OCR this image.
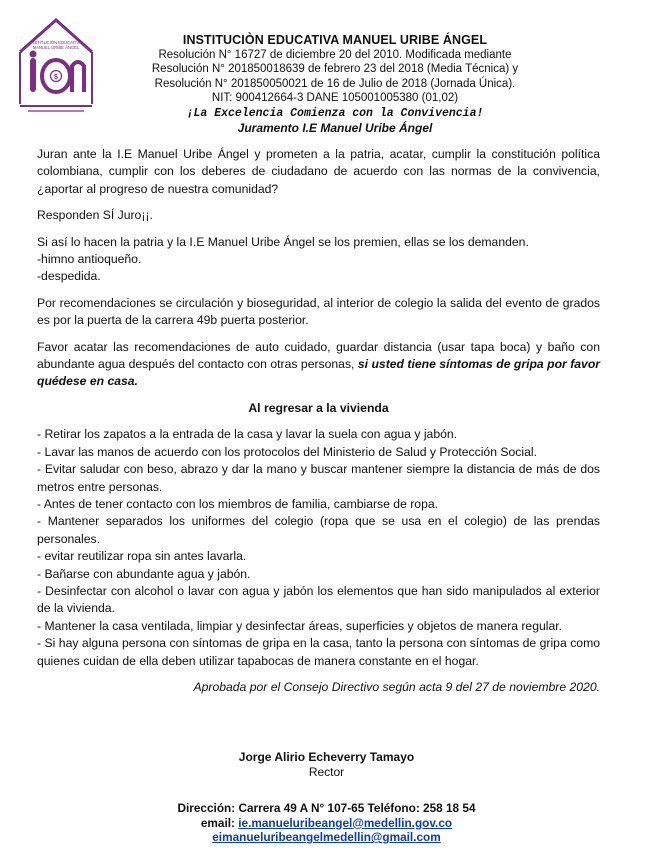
INSTITUCIÓN EDUCATIVA
MANUEL URIBE ÁNGEL
$
INSTITUCIÒN EDUCATIVA MANUEL URIBE ÁNGEL
Resolución N° 16727 de diciembre 20 del 2010. Modificada mediante
Resolución N° 201850018639 de febrero 23 del 2018 (Media Técnica) y
Resolución N° 201850050021 de 16 de Julio de 2018 (Jornada Única).
NIT: 900412664-3 DANE 105001005380 (01,02)
¡La Excelencia Comienza con la Convivencia!
Juramento I.E Manuel Uribe Ángel

Juran ante la I.E Manuel Uribe Ángel y prometen a la patria, acatar, cumplir la constitución política colombiana, cumplir con los deberes de ciudadano de acuerdo con las normas de la convivencia, ¿aportar al progreso de nuestra comunidad?

Responden SÍ Juro¡¡.

Si así lo hacen la patria y la I.E Manuel Uribe Ángel se los premien, ellas se los demanden.
-himno antioqueño.
-despedida.

Por recomendaciones se circulación y bioseguridad, al interior de colegio la salida del evento de grados es por la puerta de la carrera 49b puerta posterior.

Favor acatar las recomendaciones de auto cuidado, guardar distancia (usar tapa boca) y baño con abundante agua después del contacto con otras personas, si usted tiene síntomas de gripa por favor quédese en casa.

Al regresar a la vivienda

- Retirar los zapatos a la entrada de la casa y lavar la suela con agua y jabón.

- Lavar las manos de acuerdo con los protocolos del Ministerio de Salud y Protección Social.

- Evitar saludar con beso, abrazo y dar la mano y buscar mantener siempre la distancia de más de dos metros entre personas.

- Antes de tener contacto con los miembros de familia, cambiarse de ropa.

- Mantener separados los uniformes del colegio (ropa que se usa en el colegio) de las prendas personales.

- evitar reutilizar ropa sin antes lavarla.

- Bañarse con abundante agua y jabón.

- Desinfectar con alcohol o lavar con agua y jabón los elementos que han sido manipulados al exterior de la vivienda.

- Mantener la casa ventilada, limpiar y desinfectar áreas, superficies y objetos de manera regular.

- Si hay alguna persona con síntomas de gripa en la casa, tanto la persona con síntomas de gripa como quienes cuidan de ella deben utilizar tapabocas de manera constante en el hogar.

Aprobada por el Consejo Directivo según acta 9 del 27 de noviembre 2020.

Jorge Alirio Echeverry Tamayo
Rector
Dirección: Carrera 49 A N° 107-65 Teléfono: 258 18 54
email: ie.manueluribeangel@medellin.gov.co
eimanueluribeangelmedellin@gmail.com
